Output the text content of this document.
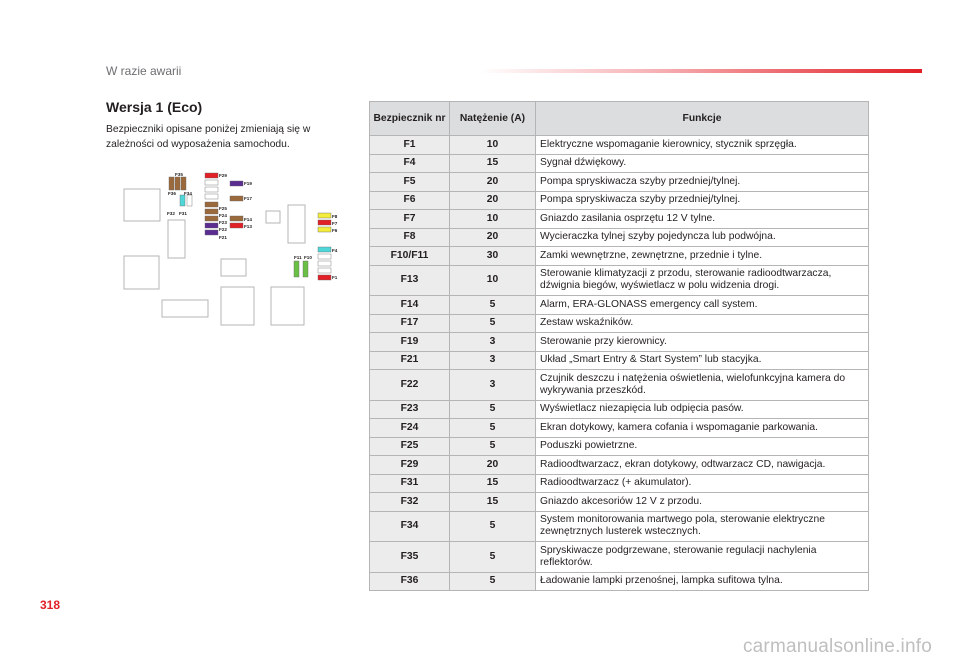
W razie awarii
Wersja 1 (Eco)
Bezpieczniki opisane poniżej zmieniają się w zależności od wyposażenia samochodu.
F35
F36 F34
F32 F31
F29
F19
F17
F25
F24
F23
F22
F21
F14
F13
F8
F7
F6
F4
F11 F10
F1
Bezpiecznik nr	Natężenie (A)	Funkcje
F1	10	Elektryczne wspomaganie kierownicy, stycznik sprzęgła.
F4	15	Sygnał dźwiękowy.
F5	20	Pompa spryskiwacza szyby przedniej/tylnej.
F6	20	Pompa spryskiwacza szyby przedniej/tylnej.
F7	10	Gniazdo zasilania osprzętu 12 V tylne.
F8	20	Wycieraczka tylnej szyby pojedyncza lub podwójna.
F10/F11	30	Zamki wewnętrzne, zewnętrzne, przednie i tylne.
F13	10	Sterowanie klimatyzacji z przodu, sterowanie radioodtwarzacza, dźwignia biegów, wyświetlacz w polu widzenia drogi.
F14	5	Alarm, ERA-GLONASS emergency call system.
F17	5	Zestaw wskaźników.
F19	3	Sterowanie przy kierownicy.
F21	3	Układ „Smart Entry & Start System” lub stacyjka.
F22	3	Czujnik deszczu i natężenia oświetlenia, wielofunkcyjna kamera do wykrywania przeszkód.
F23	5	Wyświetlacz niezapięcia lub odpięcia pasów.
F24	5	Ekran dotykowy, kamera cofania i wspomaganie parkowania.
F25	5	Poduszki powietrzne.
F29	20	Radioodtwarzacz, ekran dotykowy, odtwarzacz CD, nawigacja.
F31	15	Radioodtwarzacz (+ akumulator).
F32	15	Gniazdo akcesoriów 12 V z przodu.
F34	5	System monitorowania martwego pola, sterowanie elektryczne zewnętrznych lusterek wstecznych.
F35	5	Spryskiwacze podgrzewane, sterowanie regulacji nachylenia reflektorów.
F36	5	Ładowanie lampki przenośnej, lampka sufitowa tylna.
318
carmanualsonline.info
